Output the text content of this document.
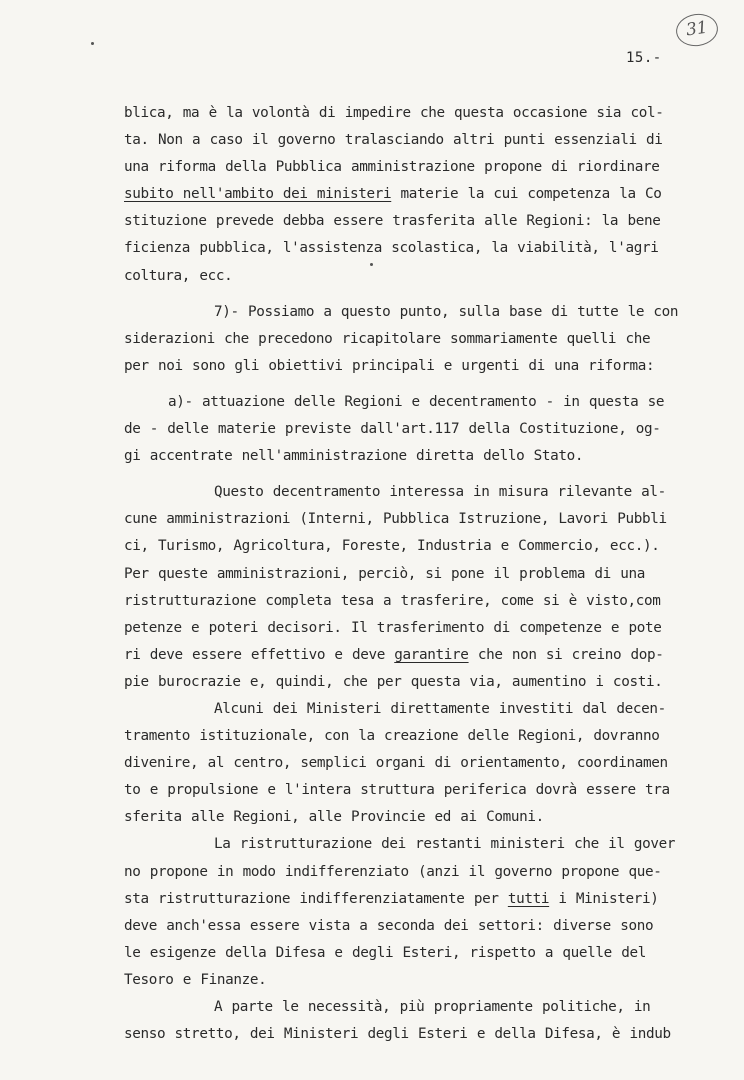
31
15.-
blica, ma è la volontà di impedire che questa occasione sia col-
ta. Non a caso il governo tralasciando altri punti essenziali di
una riforma della Pubblica amministrazione propone di riordinare
subito nell'ambito dei ministeri materie la cui competenza la Co
stituzione prevede debba essere trasferita alle Regioni: la bene
ficienza pubblica, l'assistenza scolastica, la viabilità, l'agri
coltura, ecc.
7)- Possiamo a questo punto, sulla base di tutte le con
siderazioni che precedono ricapitolare sommariamente quelli che
per noi sono gli obiettivi principali e urgenti di una riforma:
a)- attuazione delle Regioni e decentramento - in questa se
de - delle materie previste dall'art.117 della Costituzione, og-
gi accentrate nell'amministrazione diretta dello Stato.
Questo decentramento interessa in misura rilevante al-
cune amministrazioni (Interni, Pubblica Istruzione, Lavori Pubbli
ci, Turismo, Agricoltura, Foreste, Industria e Commercio, ecc.).
Per queste amministrazioni, perciò, si pone il problema di una
ristrutturazione completa tesa a trasferire, come si è visto,com
petenze e poteri decisori. Il trasferimento di competenze e pote
ri deve essere effettivo e deve garantire che non si creino dop-
pie burocrazie e, quindi, che per questa via, aumentino i costi.
Alcuni dei Ministeri direttamente investiti dal decen-
tramento istituzionale, con la creazione delle Regioni, dovranno
divenire, al centro, semplici organi di orientamento, coordinamen
to e propulsione e l'intera struttura periferica dovrà essere tra
sferita alle Regioni, alle Provincie ed ai Comuni.
La ristrutturazione dei restanti ministeri che il gover
no propone in modo indifferenziato (anzi il governo propone que-
sta ristrutturazione indifferenziatamente per tutti i Ministeri)
deve anch'essa essere vista a seconda dei settori: diverse sono
le esigenze della Difesa e degli Esteri, rispetto a quelle del
Tesoro e Finanze.
A parte le necessità, più propriamente politiche, in
senso stretto, dei Ministeri degli Esteri e della Difesa, è indub
